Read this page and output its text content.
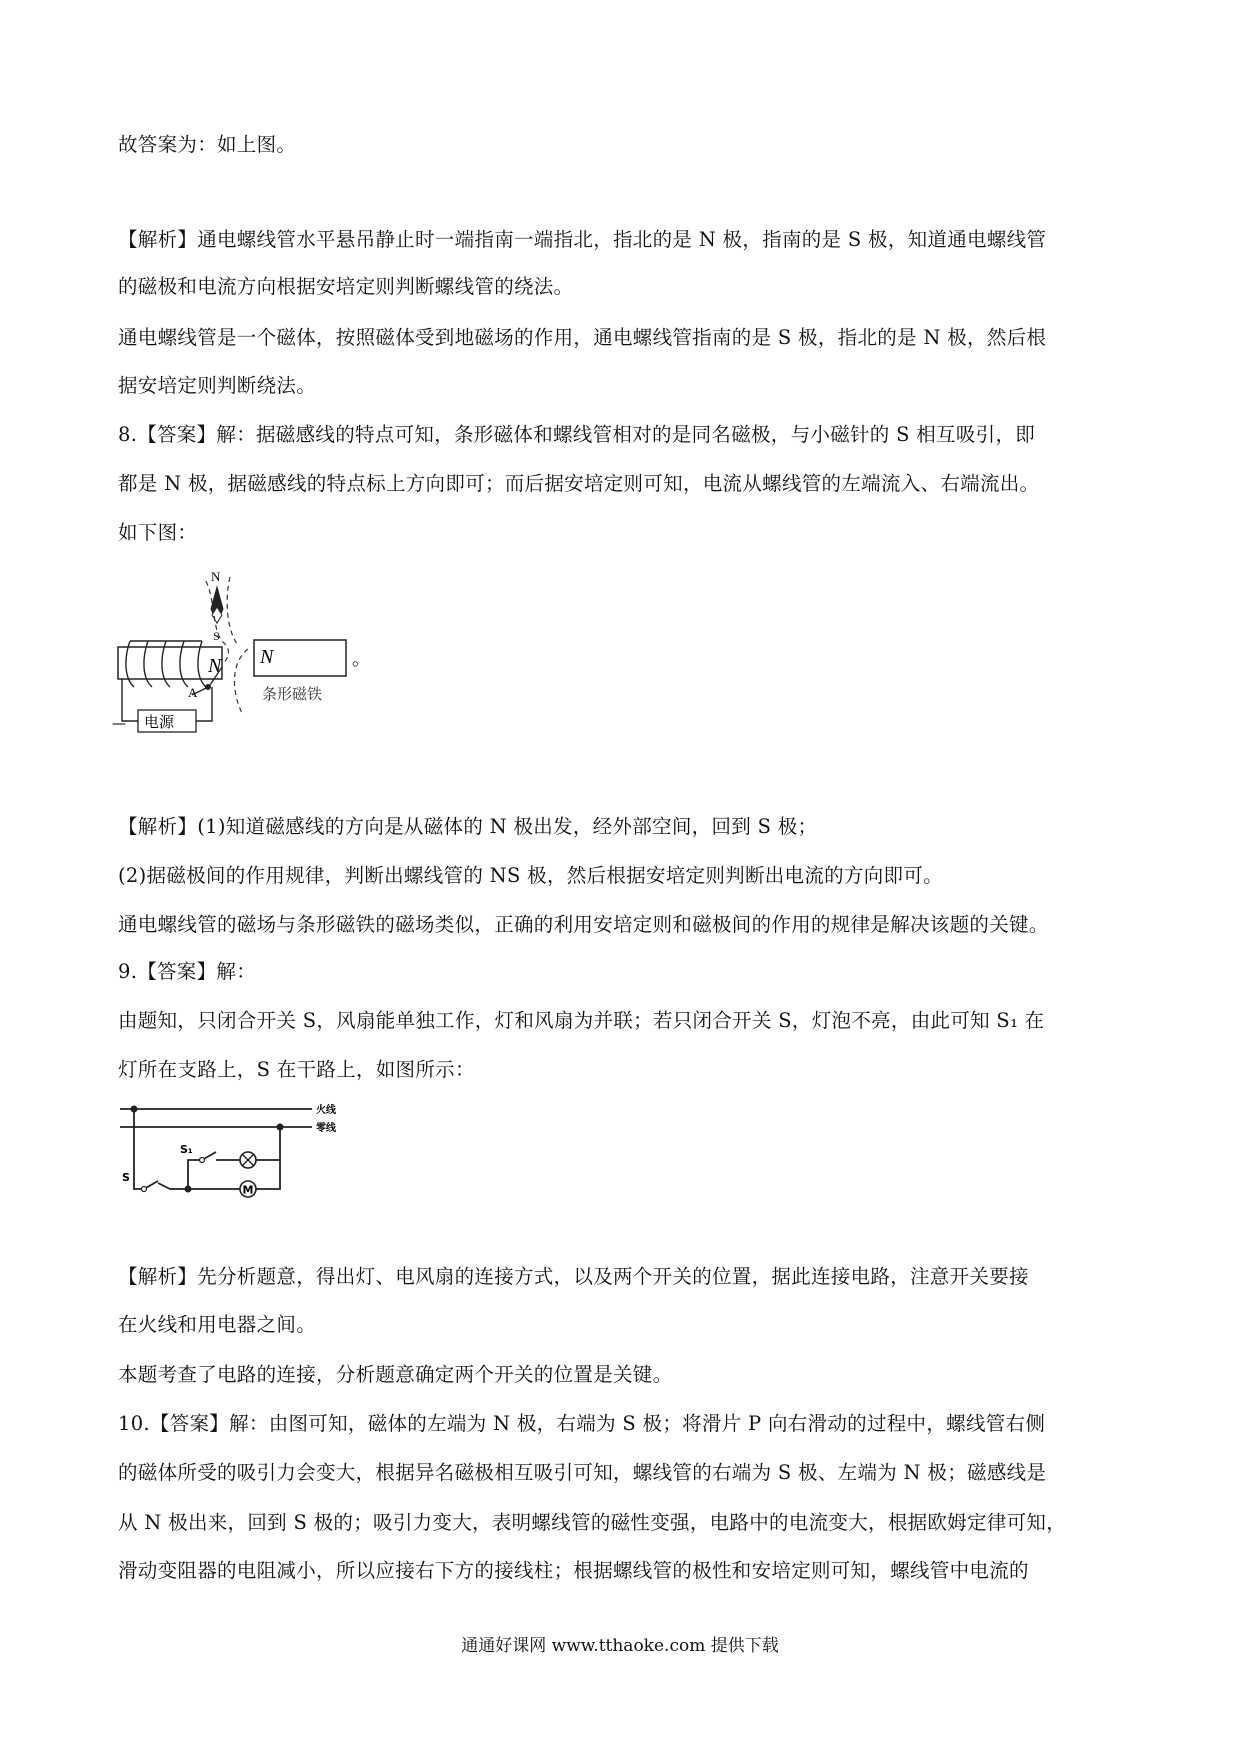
故答案为：如上图。
【解析】通电螺线管水平悬吊静止时一端指南一端指北，指北的是 N 极，指南的是 S 极，知道通电螺线管
的磁极和电流方向根据安培定则判断螺线管的绕法。
通电螺线管是一个磁体，按照磁体受到地磁场的作用，通电螺线管指南的是 S 极，指北的是 N 极，然后根
据安培定则判断绕法。
8.【答案】解：据磁感线的特点可知，条形磁体和螺线管相对的是同名磁极，与小磁针的 S 相互吸引，即
都是 N 极，据磁感线的特点标上方向即可；而后据安培定则可知，电流从螺线管的左端流入、右端流出。
如下图：
N
电源
—
N
S
A
N
条形磁铁
。
【解析】(1)知道磁感线的方向是从磁体的 N 极出发，经外部空间，回到 S 极；
(2)据磁极间的作用规律，判断出螺线管的 NS 极，然后根据安培定则判断出电流的方向即可。
通电螺线管的磁场与条形磁铁的磁场类似，正确的利用安培定则和磁极间的作用的规律是解决该题的关键。
9.【答案】解：
由题知，只闭合开关 S，风扇能单独工作，灯和风扇为并联；若只闭合开关 S，灯泡不亮，由此可知 S₁ 在
灯所在支路上，S 在干路上，如图所示：
M
火线
零线
S
S₁
【解析】先分析题意，得出灯、电风扇的连接方式，以及两个开关的位置，据此连接电路，注意开关要接
在火线和用电器之间。
本题考查了电路的连接，分析题意确定两个开关的位置是关键。
10.【答案】解：由图可知，磁体的左端为 N 极，右端为 S 极；将滑片 P 向右滑动的过程中，螺线管右侧
的磁体所受的吸引力会变大，根据异名磁极相互吸引可知，螺线管的右端为 S 极、左端为 N 极；磁感线是
从 N 极出来，回到 S 极的；吸引力变大，表明螺线管的磁性变强，电路中的电流变大，根据欧姆定律可知，
滑动变阻器的电阻减小，所以应接右下方的接线柱；根据螺线管的极性和安培定则可知，螺线管中电流的
通通好课网 www.tthaoke.com 提供下载
